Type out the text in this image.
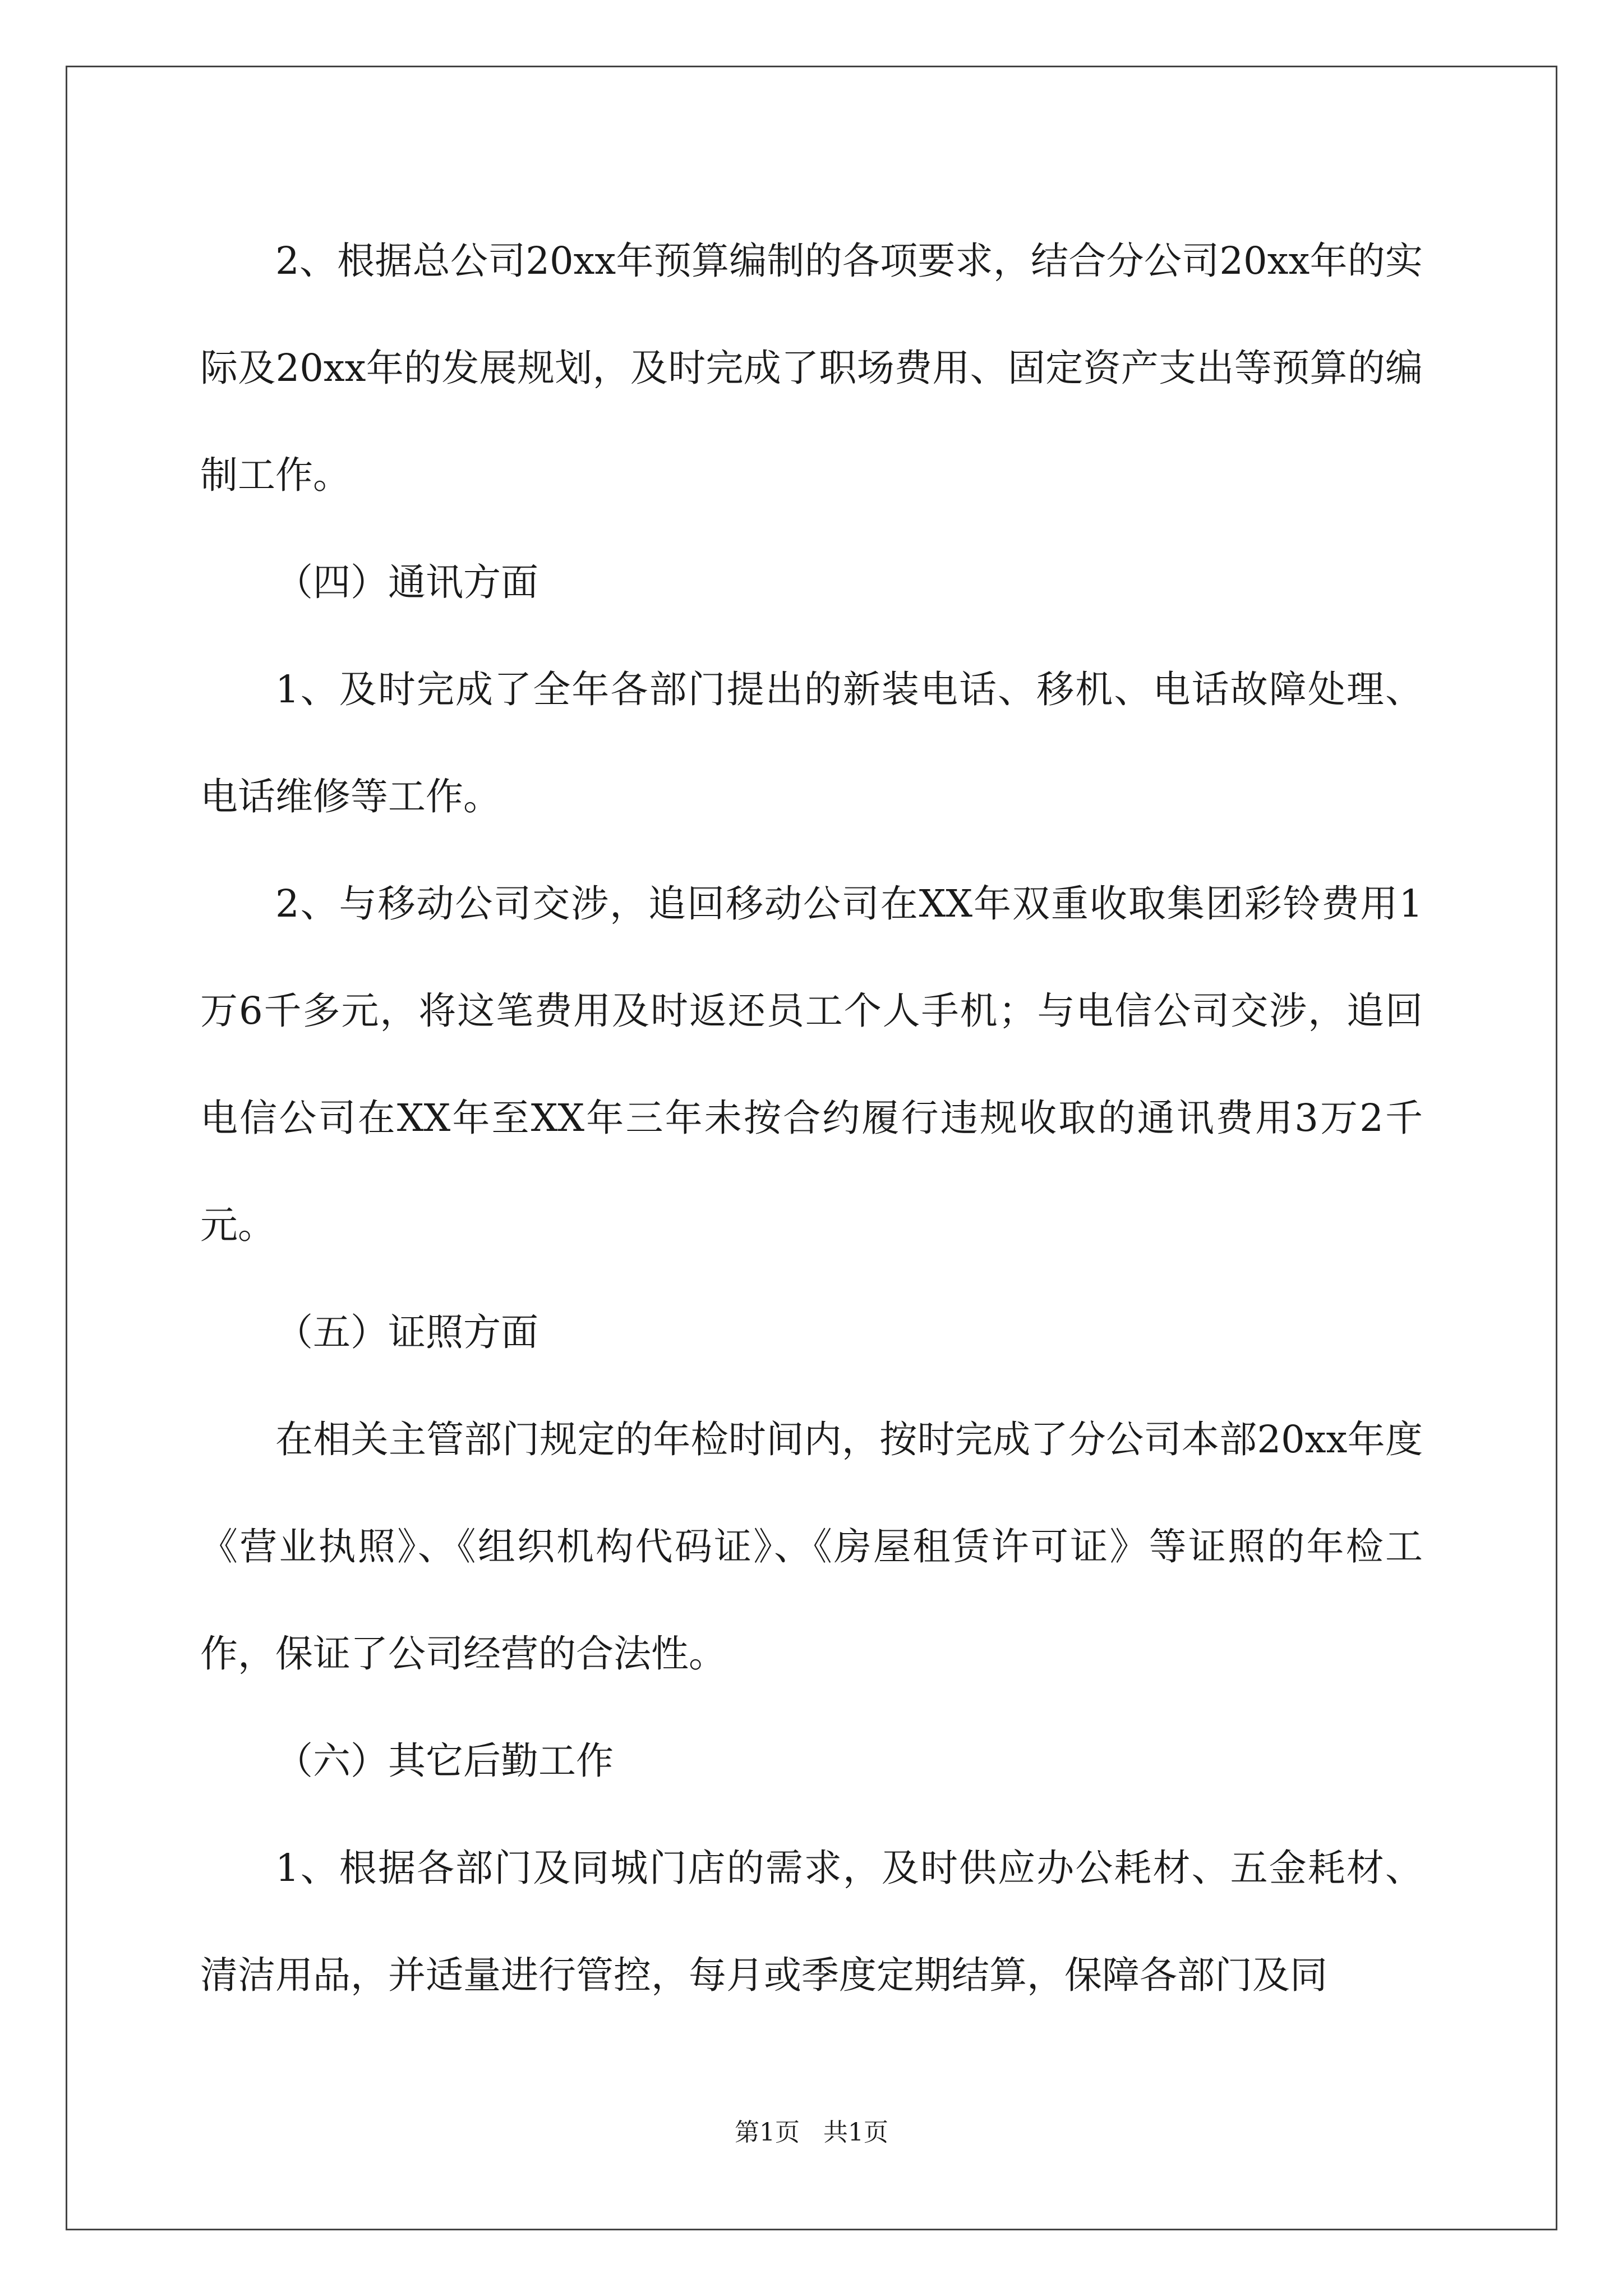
2、根据总公司20xx年预算编制的各项要求，结合分公司20xx年的实际及20xx年的发展规划，及时完成了职场费用、固定资产支出等预算的编制工作。

（四）通讯方面

1、及时完成了全年各部门提出的新装电话、移机、电话故障处理、电话维修等工作。

2、与移动公司交涉，追回移动公司在XX年双重收取集团彩铃费用1万6千多元，将这笔费用及时返还员工个人手机；与电信公司交涉，追回电信公司在XX年至XX年三年未按合约履行违规收取的通讯费用3万2千元。

（五）证照方面

在相关主管部门规定的年检时间内，按时完成了分公司本部20xx年度《营业执照》、《组织机构代码证》、《房屋租赁许可证》等证照的年检工作，保证了公司经营的合法性。

（六）其它后勤工作

1、根据各部门及同城门店的需求，及时供应办公耗材、五金耗材、清洁用品，并适量进行管控，每月或季度定期结算，保障各部门及同

第1页 共1页
